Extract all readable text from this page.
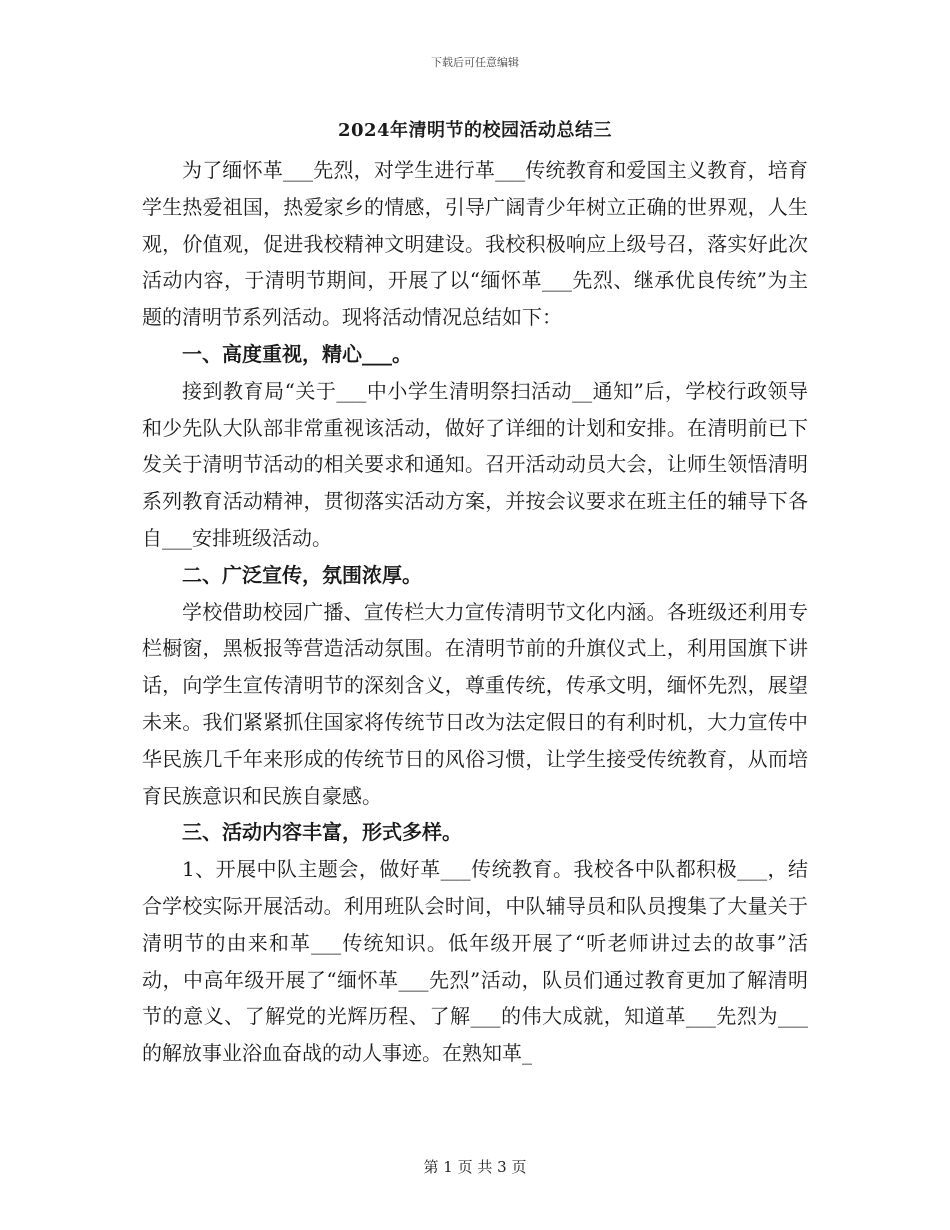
下载后可任意编辑
2024年清明节的校园活动总结三

为了缅怀革___先烈，对学生进行革___传统教育和爱国主义教育，培育学生热爱祖国，热爱家乡的情感，引导广阔青少年树立正确的世界观，人生观，价值观，促进我校精神文明建设。我校积极响应上级号召，落实好此次活动内容，于清明节期间，开展了以“缅怀革___先烈、继承优良传统”为主题的清明节系列活动。现将活动情况总结如下：

一、高度重视，精心___。

接到教育局“关于___中小学生清明祭扫活动__通知”后，学校行政领导和少先队大队部非常重视该活动，做好了详细的计划和安排。在清明前已下发关于清明节活动的相关要求和通知。召开活动动员大会，让师生领悟清明系列教育活动精神，贯彻落实活动方案，并按会议要求在班主任的辅导下各自___安排班级活动。

二、广泛宣传，氛围浓厚。

学校借助校园广播、宣传栏大力宣传清明节文化内涵。各班级还利用专栏橱窗，黑板报等营造活动氛围。在清明节前的升旗仪式上，利用国旗下讲话，向学生宣传清明节的深刻含义，尊重传统，传承文明，缅怀先烈，展望未来。我们紧紧抓住国家将传统节日改为法定假日的有利时机，大力宣传中华民族几千年来形成的传统节日的风俗习惯，让学生接受传统教育，从而培育民族意识和民族自豪感。

三、活动内容丰富，形式多样。

1、开展中队主题会，做好革___传统教育。我校各中队都积极___，结合学校实际开展活动。利用班队会时间，中队辅导员和队员搜集了大量关于清明节的由来和革___传统知识。低年级开展了“听老师讲过去的故事”活动，中高年级开展了“缅怀革___先烈”活动，队员们通过教育更加了解清明节的意义、了解党的光辉历程、了解___的伟大成就，知道革___先烈为___的解放事业浴血奋战的动人事迹。在熟知革_

第 1 页 共 3 页
